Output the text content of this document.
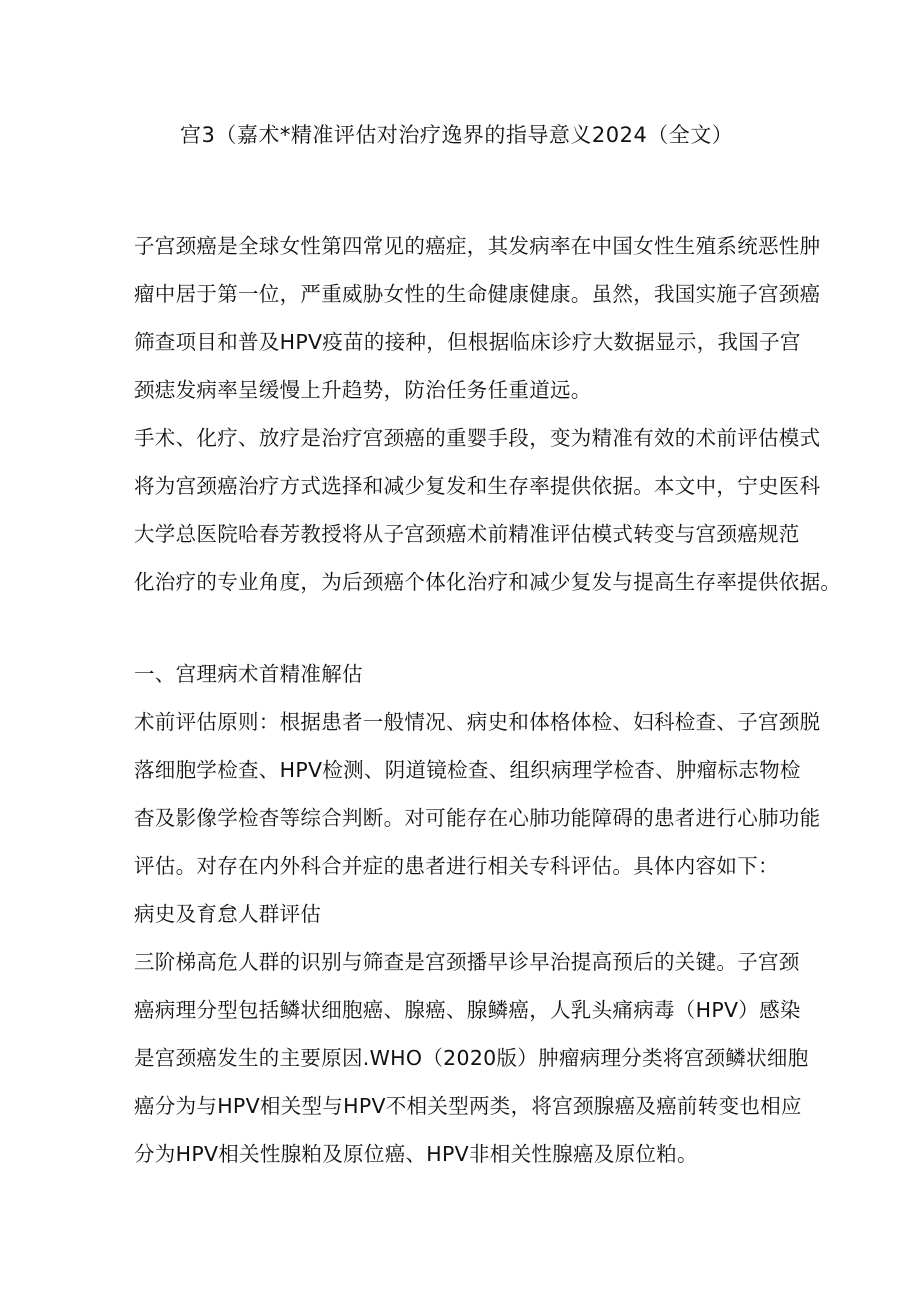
宫3（嘉术*精准评估对治疗逸界的指导意义2024（全文）
子宫颈癌是全球女性第四常见的癌症，其发病率在中国女性生殖系统恶性肿
瘤中居于第一位，严重威胁女性的生命健康健康。虽然，我国实施子宫颈癌
筛查项目和普及HPV疫苗的接种，但根据临床诊疗大数据显示，我国子宫
颈痣发病率呈缓慢上升趋势，防治任务任重道远。
手术、化疗、放疗是治疗宫颈癌的重婴手段，变为精准有效的术前评估模式
将为宫颈癌治疗方式选择和减少复发和生存率提供依据。本文中，宁史医科
大学总医院哈春芳教授将从子宫颈癌术前精准评估模式转变与宫颈癌规范
化治疗的专业角度，为后颈癌个体化治疗和减少复发与提高生存率提供依据。
一、宫理病术首精准解估
术前评估原则：根据患者一般情况、病史和体格体检、妇科检查、子宫颈脱
落细胞学检查、HPV检测、阴道镜检查、组织病理学检杳、肿瘤标志物检
杳及影像学检杳等综合判断。对可能存在心肺功能障碍的患者进行心肺功能
评估。对存在内外科合并症的患者进行相关专科评估。具体内容如下：
病史及育怠人群评估
三阶梯高危人群的识别与筛查是宫颈播早诊早治提高预后的关键。子宫颈
癌病理分型包括鳞状细胞癌、腺癌、腺鳞癌，人乳头痛病毒（HPV）感染
是宫颈癌发生的主要原因.WHO（2020版）肿瘤病理分类将宫颈鳞状细胞
癌分为与HPV相关型与HPV不相关型两类，将宫颈腺癌及癌前转变也相应
分为HPV相关性腺粕及原位癌、HPV非相关性腺癌及原位粕。
